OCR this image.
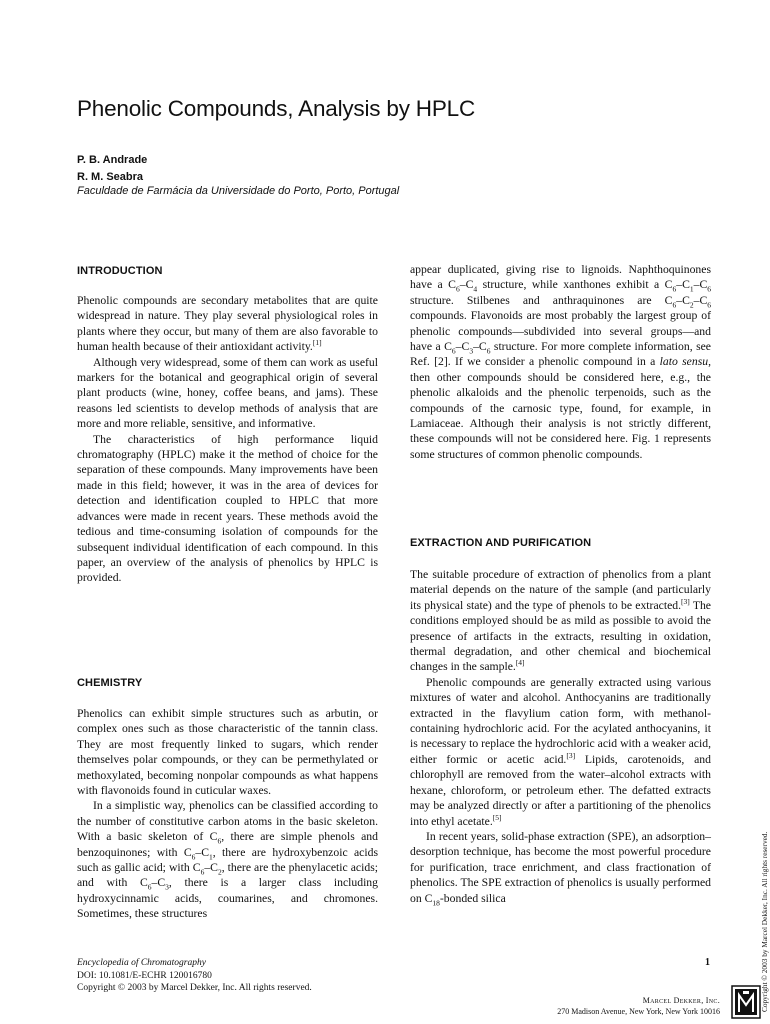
Phenolic Compounds, Analysis by HPLC
P. B. Andrade
R. M. Seabra
Faculdade de Farmácia da Universidade do Porto, Porto, Portugal
INTRODUCTION

Phenolic compounds are secondary metabolites that are quite widespread in nature. They play several physiological roles in plants where they occur, but many of them are also favorable to human health because of their antioxidant activity.[1]

Although very widespread, some of them can work as useful markers for the botanical and geographical origin of several plant products (wine, honey, coffee beans, and jams). These reasons led scientists to develop methods of analysis that are more and more reliable, sensitive, and informative.

The characteristics of high performance liquid chromatography (HPLC) make it the method of choice for the separation of these compounds. Many improvements have been made in this field; however, it was in the area of devices for detection and identification coupled to HPLC that more advances were made in recent years. These methods avoid the tedious and time-consuming isolation of compounds for the subsequent individual identification of each compound. In this paper, an overview of the analysis of phenolics by HPLC is provided.

CHEMISTRY

Phenolics can exhibit simple structures such as arbutin, or complex ones such as those characteristic of the tannin class. They are most frequently linked to sugars, which render themselves polar compounds, or they can be permethylated or methoxylated, becoming nonpolar compounds as what happens with flavonoids found in cuticular waxes.

In a simplistic way, phenolics can be classified according to the number of constitutive carbon atoms in the basic skeleton. With a basic skeleton of $C_6$, there are simple phenols and benzoquinones; with $C_6-C_1$, there are hydroxybenzoic acids such as gallic acid; with $C_6-C_2$, there are the phenylacetic acids; and with $C_6-C_3$, there is a larger class including hydroxycinnamic acids, coumarines, and chromones. Sometimes, these structures

appear duplicated, giving rise to lignoids. Naphthoquinones have a $C_6-C_4$ structure, while xanthones exhibit a $C_6-C_1-C_6$ structure. Stilbenes and anthraquinones are $C_6-C_2-C_6$ compounds. Flavonoids are most probably the largest group of phenolic compounds—subdivided into several groups—and have a $C_6-C_3-C_6$ structure. For more complete information, see Ref. [2]. If we consider a phenolic compound in a lato sensu, then other compounds should be considered here, e.g., the phenolic alkaloids and the phenolic terpenoids, such as the compounds of the carnosic type, found, for example, in Lamiaceae. Although their analysis is not strictly different, these compounds will not be considered here. Fig. 1 represents some structures of common phenolic compounds.

EXTRACTION AND PURIFICATION

The suitable procedure of extraction of phenolics from a plant material depends on the nature of the sample (and particularly its physical state) and the type of phenols to be extracted.[3] The conditions employed should be as mild as possible to avoid the presence of artifacts in the extracts, resulting in oxidation, thermal degradation, and other chemical and biochemical changes in the sample.[4]

Phenolic compounds are generally extracted using various mixtures of water and alcohol. Anthocyanins are traditionally extracted in the flavylium cation form, with methanol-containing hydrochloric acid. For the acylated anthocyanins, it is necessary to replace the hydrochloric acid with a weaker acid, either formic or acetic acid.[3] Lipids, carotenoids, and chlorophyll are removed from the water–alcohol extracts with hexane, chloroform, or petroleum ether. The defatted extracts may be analyzed directly or after a partitioning of the phenolics into ethyl acetate.[5]

In recent years, solid-phase extraction (SPE), an adsorption–desorption technique, has become the most powerful procedure for purification, trace enrichment, and class fractionation of phenolics. The SPE extraction of phenolics is usually performed on $C_{18}$-bonded silica

Encyclopedia of Chromatography
DOI: 10.1081/E-ECHR 120016780
Copyright © 2003 by Marcel Dekker, Inc. All rights reserved.
1
Marcel Dekker, Inc.
270 Madison Avenue, New York, New York 10016	Copyright © 2003 by Marcel Dekker, Inc. All rights reserved.
